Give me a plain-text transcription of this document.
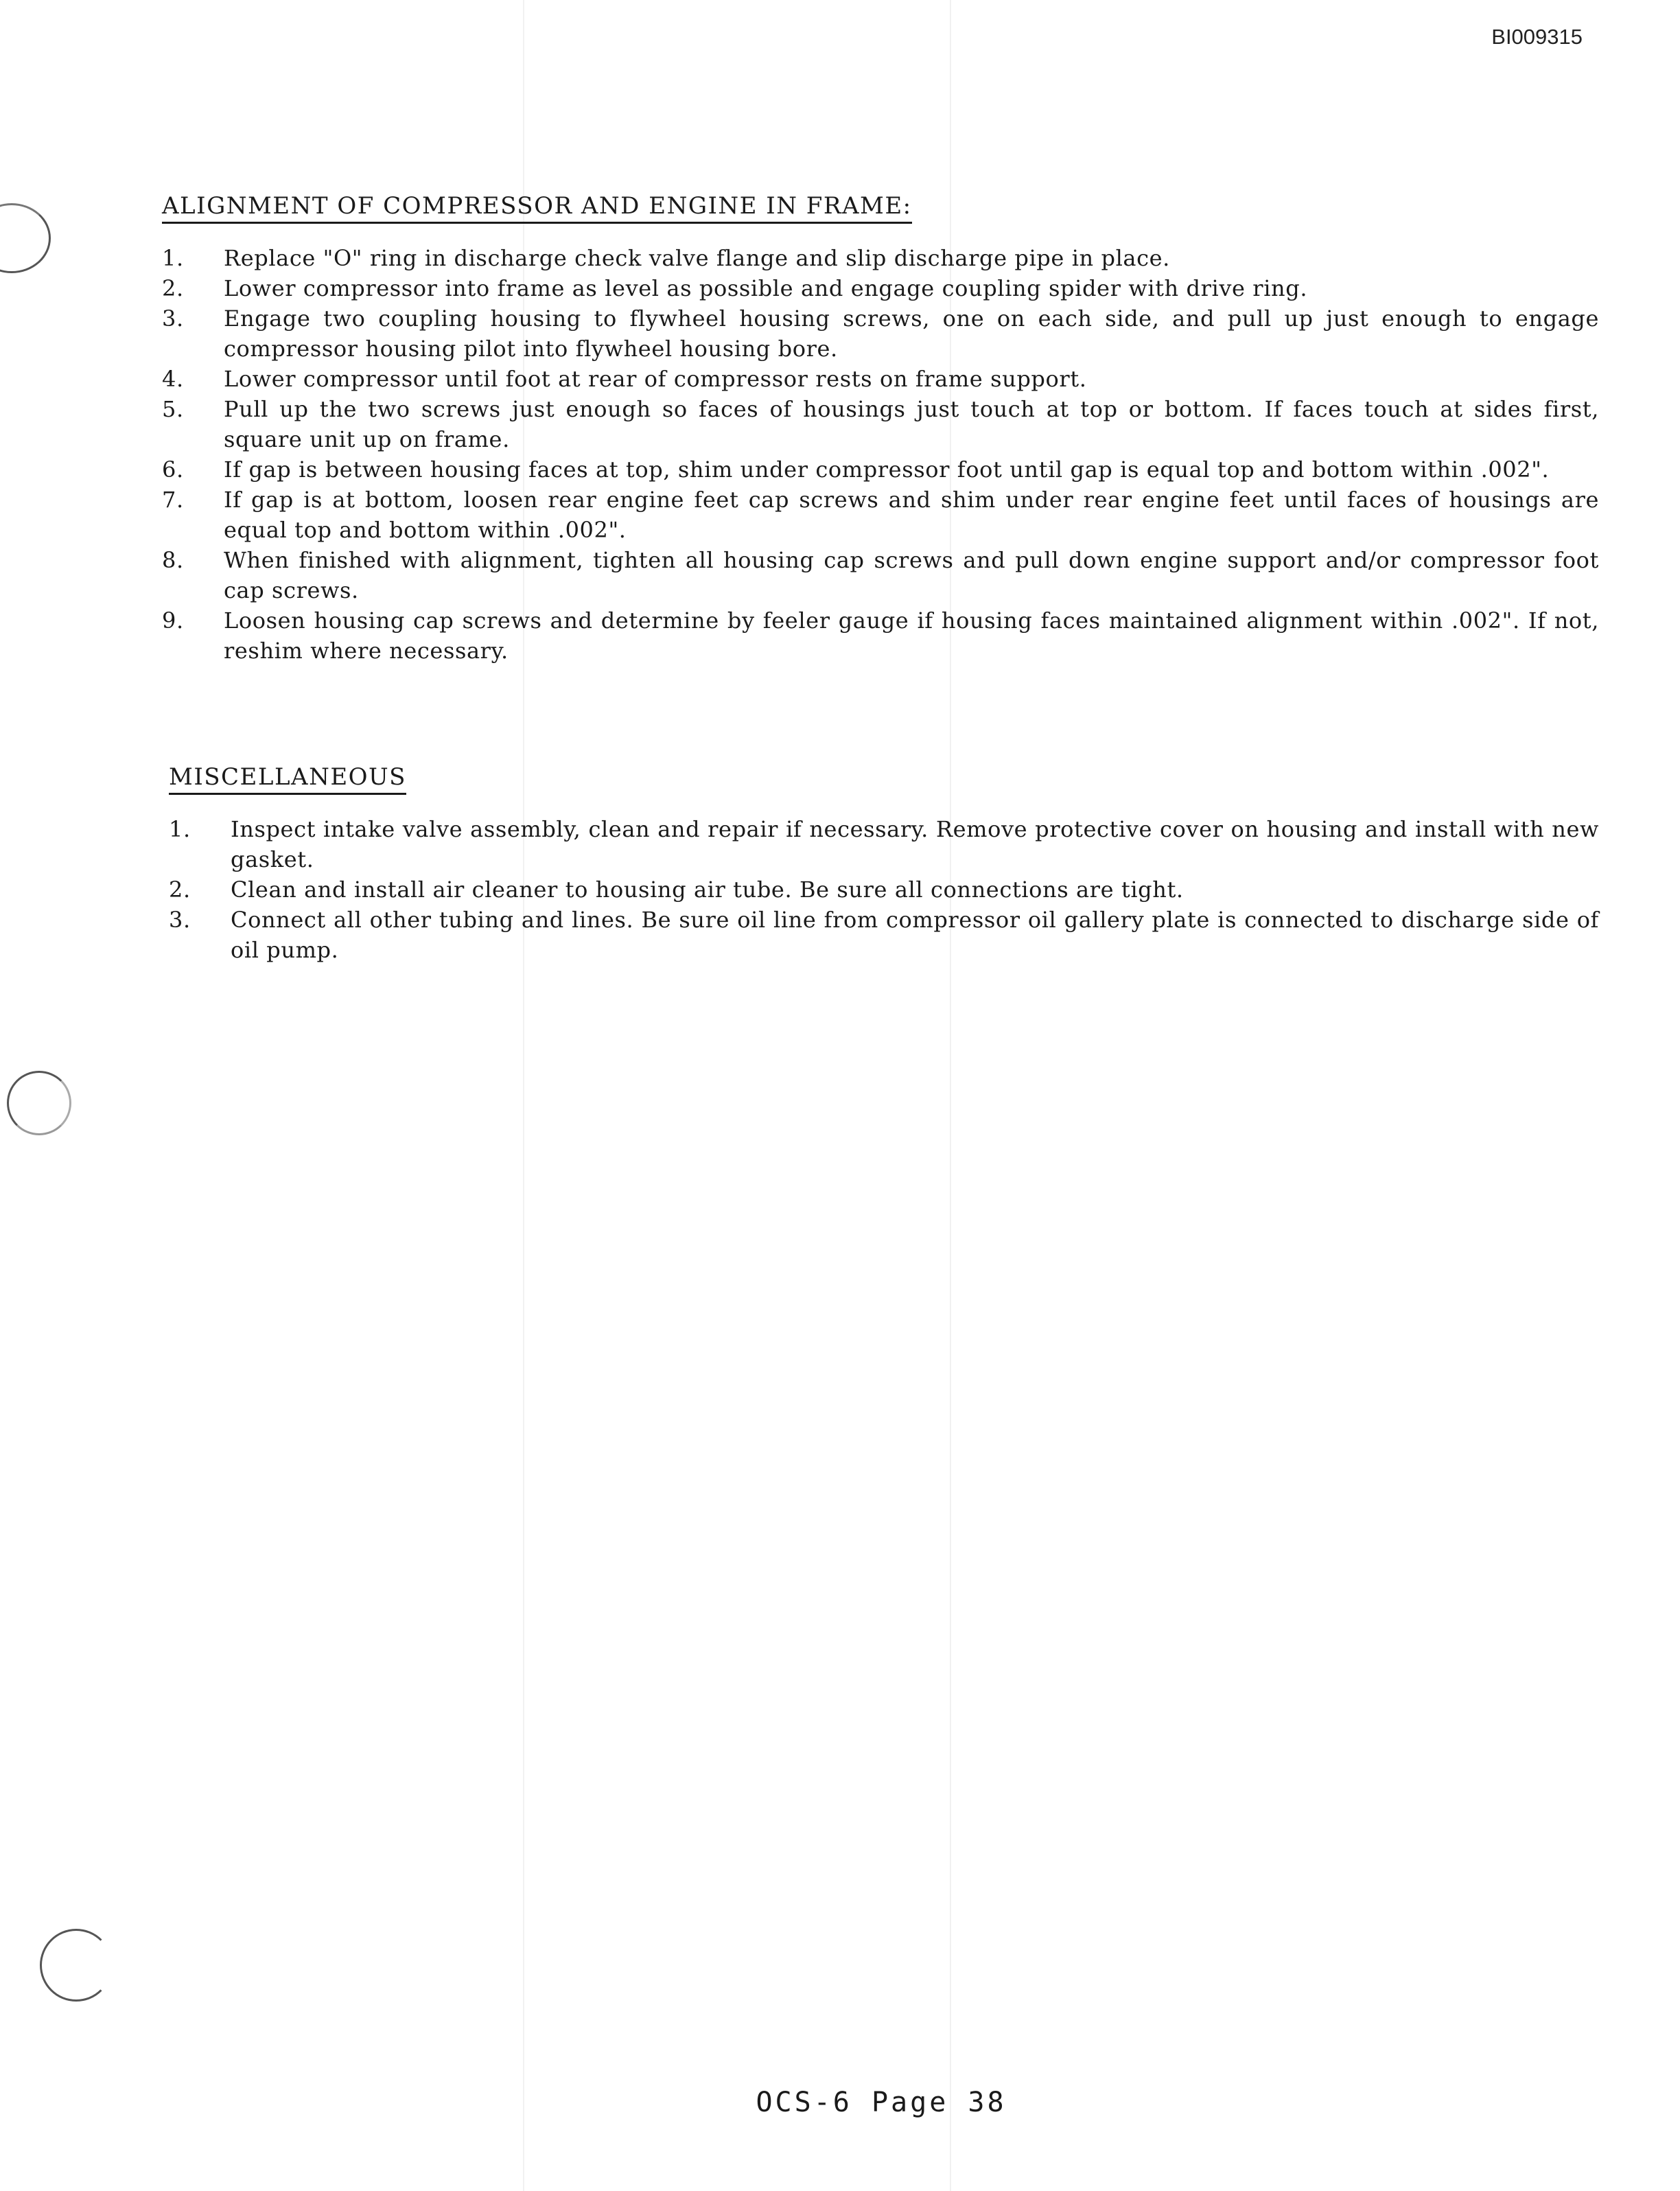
BI009315
ALIGNMENT OF COMPRESSOR AND ENGINE IN FRAME:
1.	Replace "O" ring in discharge check valve flange and slip discharge pipe in place.
2.	Lower compressor into frame as level as possible and engage coupling spider with drive ring.
3.	Engage two coupling housing to flywheel housing screws, one on each side, and pull up just enough to engage compressor housing pilot into flywheel housing bore.
4.	Lower compressor until foot at rear of compressor rests on frame support.
5.	Pull up the two screws just enough so faces of housings just touch at top or bottom. If faces touch at sides first, square unit up on frame.
6.	If gap is between housing faces at top, shim under compressor foot until gap is equal top and bottom within .002".
7.	If gap is at bottom, loosen rear engine feet cap screws and shim under rear engine feet until faces of housings are equal top and bottom within .002".
8.	When finished with alignment, tighten all housing cap screws and pull down engine support and/or compressor foot cap screws.
9.	Loosen housing cap screws and determine by feeler gauge if housing faces maintained alignment within .002". If not, reshim where necessary.
MISCELLANEOUS
1.	Inspect intake valve assembly, clean and repair if necessary. Remove protective cover on housing and install with new gasket.
2.	Clean and install air cleaner to housing air tube. Be sure all connections are tight.
3.	Connect all other tubing and lines. Be sure oil line from compressor oil gallery plate is connected to discharge side of oil pump.
OCS-6 Page 38
